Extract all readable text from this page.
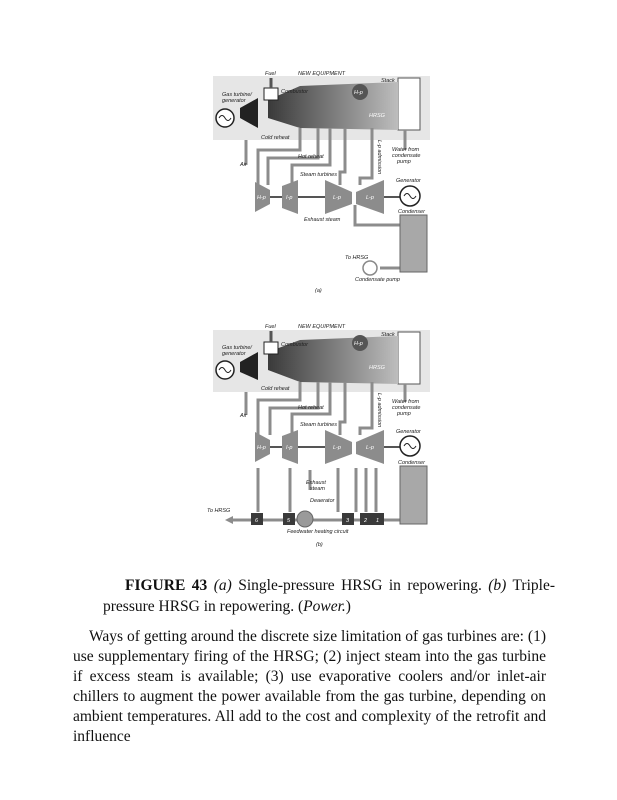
Fuel	NEW EQUIPMENT
Stack
Gas turbine/
generator
Combustor	H-p
HRSG
Cold reheat
Air
Hot reheat	L-p admission Water from
condensate
pump
Steam turbines
Generator
H-p	I-p	L-p	L-p
Condenser
Exhaust steam
To HRSG
Condensate pump
(a)
Fuel	NEW EQUIPMENT
Stack
Gas turbine/
generator
Combustor	H-p
HRSG
Cold reheat
Air
Hot reheat	L-p admission Water from
condensate
pump
Steam turbines
Generator
H-p	I-p	L-p	L-p
Condenser
Exhaust
steam
Deaerator
To HRSG
Feedwater heating circuit
6	5	3	2 1
(b)

FIGURE 43 (a) Single-pressure HRSG in repowering. (b) Triple-pressure HRSG in repowering. (Power.)

Ways of getting around the discrete size limitation of gas turbines are: (1) use supplementary firing of the HRSG; (2) inject steam into the gas turbine if excess steam is available; (3) use evaporative coolers and/or inlet-air chillers to augment the power available from the gas turbine, depending on ambient temperatures. All add to the cost and complexity of the retrofit and influence
